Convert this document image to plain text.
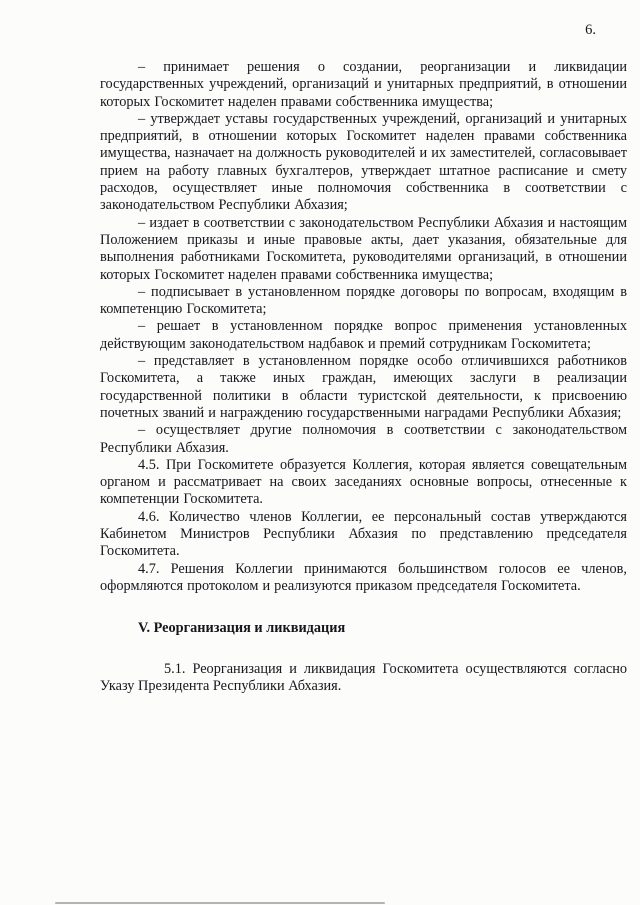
6.

– принимает решения о создании, реорганизации и ликвидации государственных учреждений, организаций и унитарных предприятий, в отношении которых Госкомитет наделен правами собственника имущества;

– утверждает уставы государственных учреждений, организаций и унитарных предприятий, в отношении которых Госкомитет наделен правами собственника имущества, назначает на должность руководителей и их заместителей, согласовывает прием на работу главных бухгалтеров, утверждает штатное расписание и смету расходов, осуществляет иные полномочия собственника в соответствии с законодательством Республики Абхазия;

– издает в соответствии с законодательством Республики Абхазия и настоящим Положением приказы и иные правовые акты, дает указания, обязательные для выполнения работниками Госкомитета, руководителями организаций, в отношении которых Госкомитет наделен правами собственника имущества;

– подписывает в установленном порядке договоры по вопросам, входящим в компетенцию Госкомитета;

– решает в установленном порядке вопрос применения установленных действующим законодательством надбавок и премий сотрудникам Госкомитета;

– представляет в установленном порядке особо отличившихся работников Госкомитета, а также иных граждан, имеющих заслуги в реализации государственной политики в области туристской деятельности, к присвоению почетных званий и награждению государственными наградами Республики Абхазия;

– осуществляет другие полномочия в соответствии с законодательством Республики Абхазия.

4.5. При Госкомитете образуется Коллегия, которая является совещательным органом и рассматривает на своих заседаниях основные вопросы, отнесенные к компетенции Госкомитета.

4.6. Количество членов Коллегии, ее персональный состав утверждаются Кабинетом Министров Республики Абхазия по представлению председателя Госкомитета.

4.7. Решения Коллегии принимаются большинством голосов ее членов, оформляются протоколом и реализуются приказом председателя Госкомитета.

V. Реорганизация и ликвидация

5.1. Реорганизация и ликвидация Госкомитета осуществляются согласно Указу Президента Республики Абхазия.
